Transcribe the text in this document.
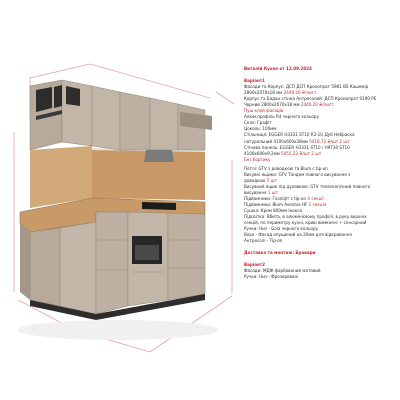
Виталій Кухня от 12.09.2024
Варіант1
Фасади та Корпус: ДСП ДСП Кронопрат 5981 BS Кашемір
2800х2070х18 мм 2440.20 ₴/лист
Корпус та Бадан стінка Антресолей: ДСП Кронопрат 0190 PE
Чорний 2800х2070х18 мм 2440.20 ₴/лист
Пуш клей фасадів
Алюм.профіль R4 чорного кольору
Скло: Графіт
Цоколь: 100мм
Стільниця: EGGER H3331 ST10 R3-1U Дуб Небраска
натуральний 4100х600х38мм 5418.72 ₴/шт 2 шт
Стінова панель: EGGER H3331 ST10 / H9730 ST10
4100х600х9,2мм 5455.22 ₴/шт 2 шт
Без бортику
Петлі: GTV з доводкою та Blum c tip-on
Висувні ящики: GTV Тандем повного висування з
доводкою 5 шт
Висувний ящик під духовкою: GTV телескопічний повного
висування 1 шт
Підйомники: Газліфт c tip-on 4 секції
Підйомники: Blum Aventos HF 1 секція
Сушка: Кром 800мм Інокса
Підсвітка: Вбита, в алюмінієвому профілі, в руку верхніх
секцій, по периметру кухні, криві вимкнені + сенсорний
Ручки: Низ - Gola чорного кольору
Верх - Фасад опущений на 20мм для відкривання
Антресолі - Tip-on
Доставка та монтаж: Бровари
Варіант2
Фасади: МДФ фарбований матовий
Ручки: Низ - Фрезеровані
